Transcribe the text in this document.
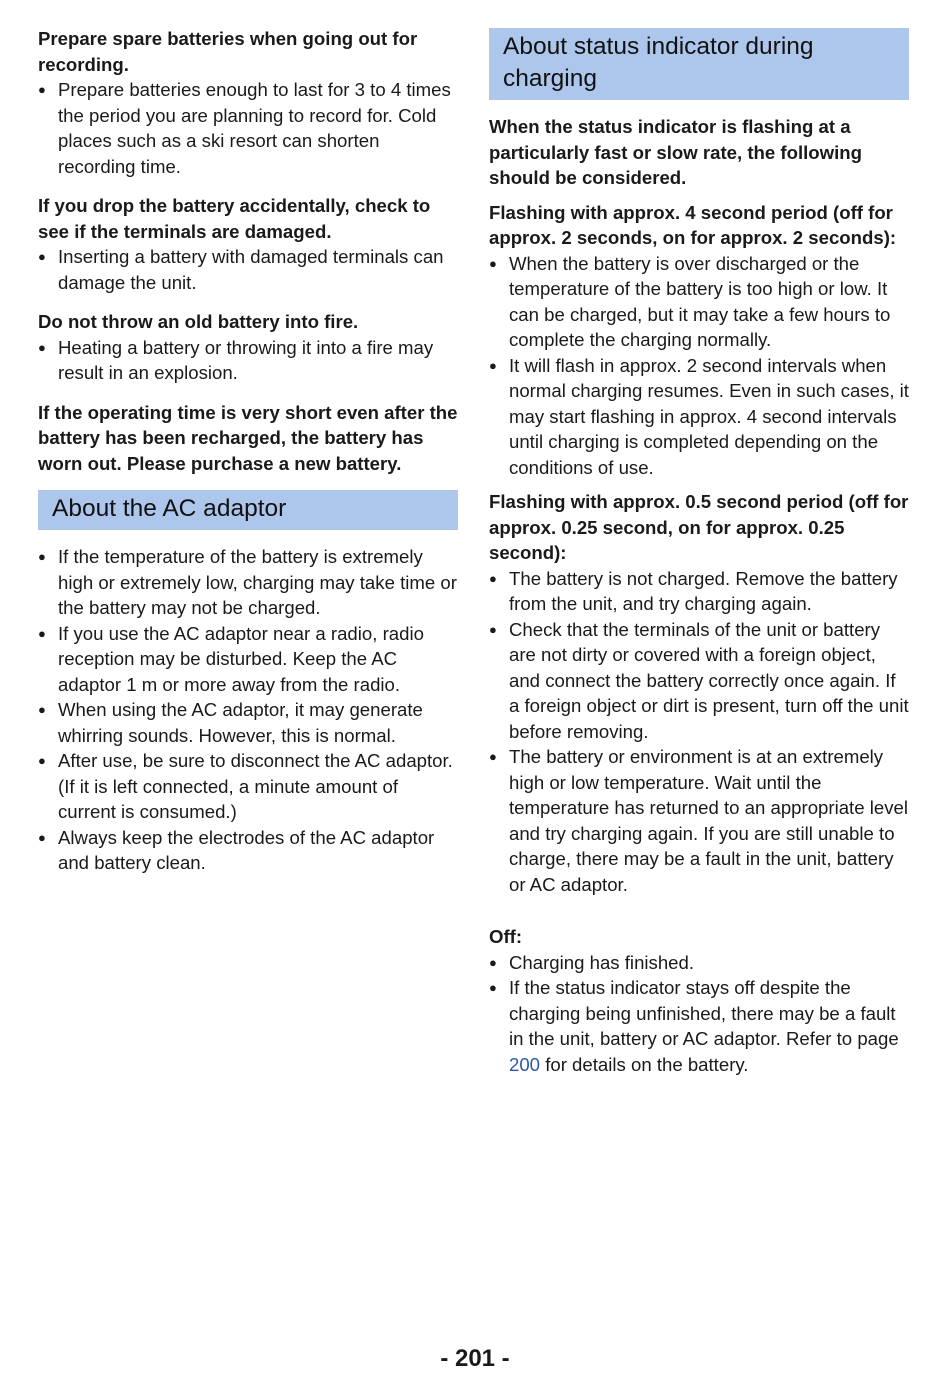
Prepare spare batteries when going out for recording.

● Prepare batteries enough to last for 3 to 4 times the period you are planning to record for. Cold places such as a ski resort can shorten recording time.

If you drop the battery accidentally, check to see if the terminals are damaged.

● Inserting a battery with damaged terminals can damage the unit.

Do not throw an old battery into fire.

● Heating a battery or throwing it into a fire may result in an explosion.

If the operating time is very short even after the battery has been recharged, the battery has worn out. Please purchase a new battery.

About the AC adaptor
● If the temperature of the battery is extremely high or extremely low, charging may take time or the battery may not be charged.
● If you use the AC adaptor near a radio, radio reception may be disturbed. Keep the AC adaptor 1 m or more away from the radio.
● When using the AC adaptor, it may generate whirring sounds. However, this is normal.
● After use, be sure to disconnect the AC adaptor. (If it is left connected, a minute amount of current is consumed.)
● Always keep the electrodes of the AC adaptor and battery clean.
About status indicator during charging

When the status indicator is flashing at a particularly fast or slow rate, the following should be considered.

Flashing with approx. 4 second period (off for approx. 2 seconds, on for approx. 2 seconds):

● When the battery is over discharged or the temperature of the battery is too high or low. It can be charged, but it may take a few hours to complete the charging normally.
● It will flash in approx. 2 second intervals when normal charging resumes. Even in such cases, it may start flashing in approx. 4 second intervals until charging is completed depending on the conditions of use.

Flashing with approx. 0.5 second period (off for approx. 0.25 second, on for approx. 0.25 second):

● The battery is not charged. Remove the battery from the unit, and try charging again.
● Check that the terminals of the unit or battery are not dirty or covered with a foreign object, and connect the battery correctly once again. If a foreign object or dirt is present, turn off the unit before removing.
● The battery or environment is at an extremely high or low temperature. Wait until the temperature has returned to an appropriate level and try charging again. If you are still unable to charge, there may be a fault in the unit, battery or AC adaptor.

Off:

● Charging has finished.
● If the status indicator stays off despite the charging being unfinished, there may be a fault in the unit, battery or AC adaptor. Refer to page 200 for details on the battery.
- 201 -
